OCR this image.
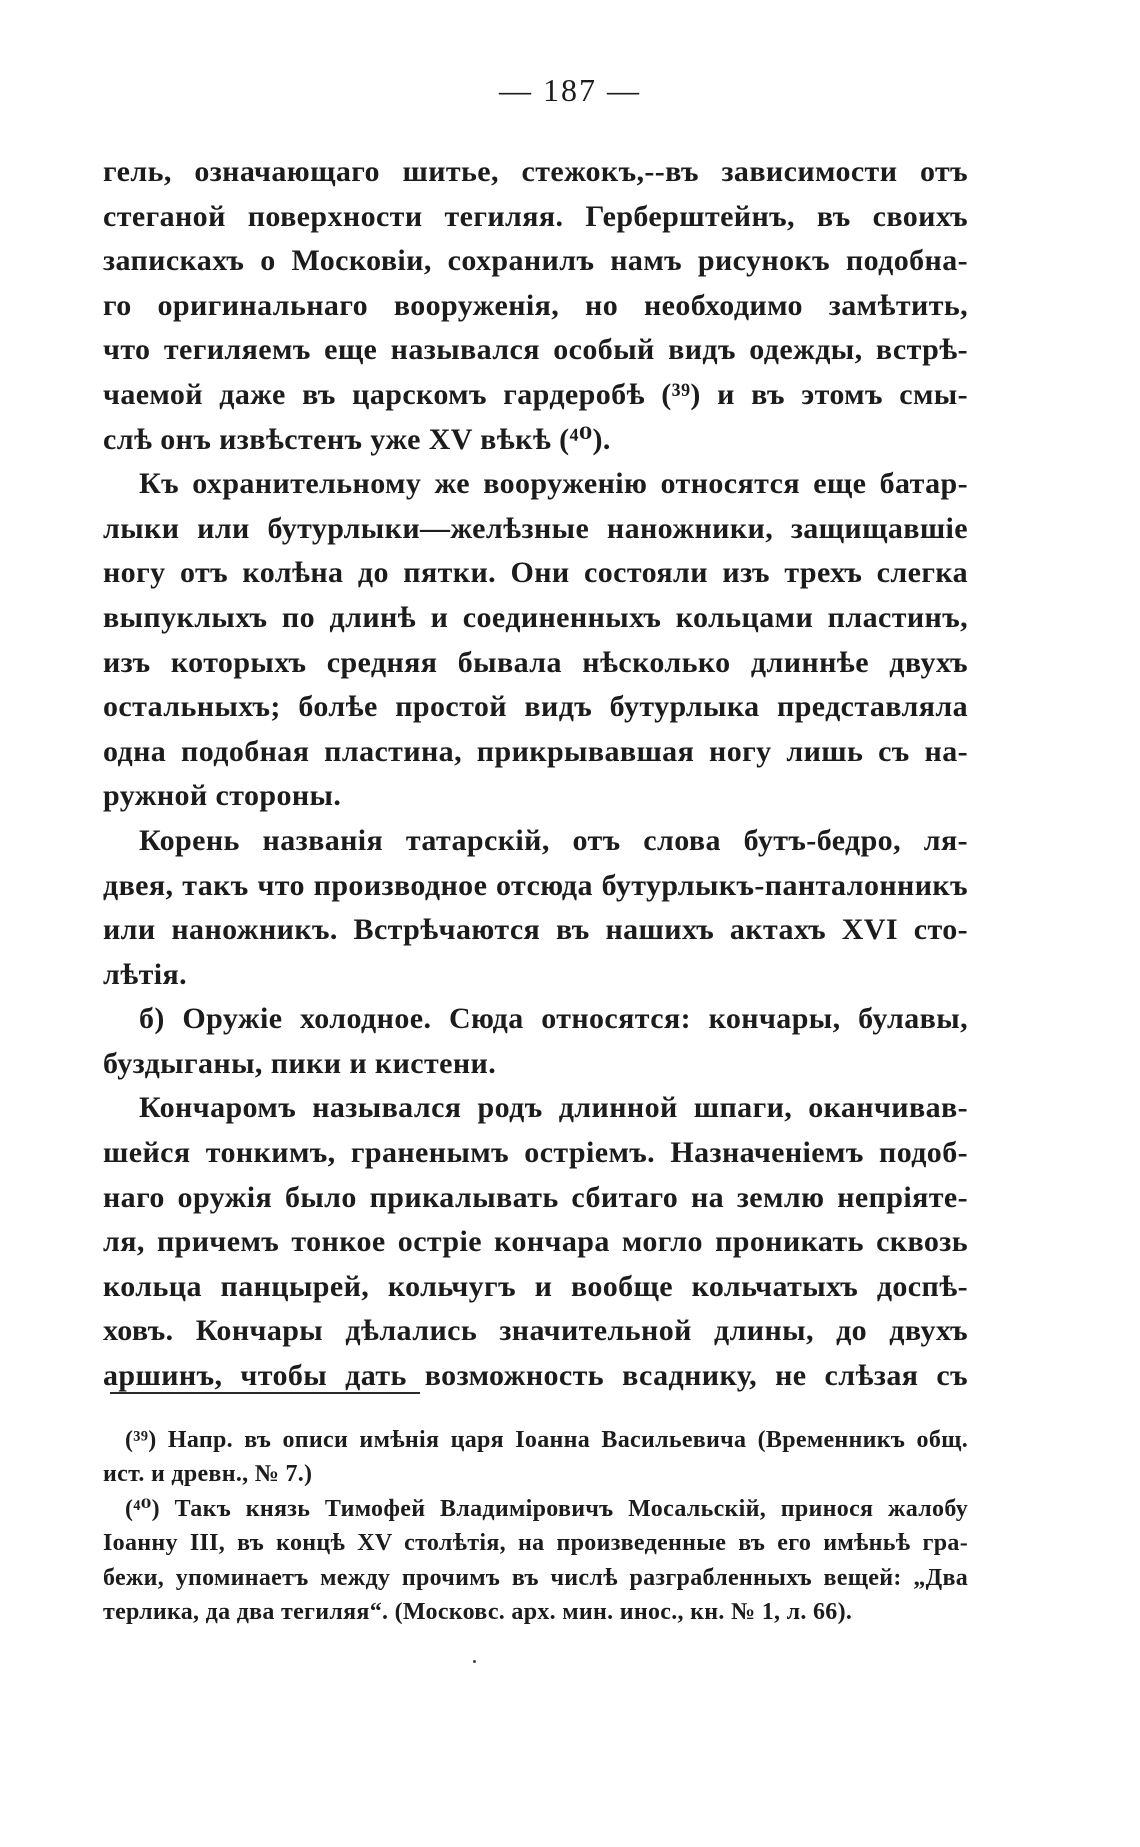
— 187 —
гель, означающаго шитье, стежокъ,--въ зависимости отъ
стеганой поверхности тегиляя. Герберштейнъ, въ своихъ
запискахъ о Московіи, сохранилъ намъ рисунокъ подобна-
го оригинальнаго вооруженія, но необходимо замѣтить,
что тегиляемъ еще назывался особый видъ одежды, встрѣ-
чаемой даже въ царскомъ гардеробѣ (³⁹) и въ этомъ смы-
слѣ онъ извѣстенъ уже XV вѣкѣ (⁴⁰).
Къ охранительному же вооруженію относятся еще батар-
лыки или бутурлыки—желѣзные наножники, защищавшіе
ногу отъ колѣна до пятки. Они состояли изъ трехъ слегка
выпуклыхъ по длинѣ и соединенныхъ кольцами пластинъ,
изъ которыхъ средняя бывала нѣсколько длиннѣе двухъ
остальныхъ; болѣе простой видъ бутурлыка представляла
одна подобная пластина, прикрывавшая ногу лишь съ на-
ружной стороны.
Корень названія татарскій, отъ слова бутъ-бедро, ля-
двея, такъ что производное отсюда бутурлыкъ-панталонникъ
или наножникъ. Встрѣчаются въ нашихъ актахъ XVI сто-
лѣтія.
б) Оружіе холодное. Сюда относятся: кончары, булавы,
буздыганы, пики и кистени.
Кончаромъ назывался родъ длинной шпаги, оканчивав-
шейся тонкимъ, граненымъ остріемъ. Назначеніемъ подоб-
наго оружія было прикалывать сбитаго на землю непріяте-
ля, причемъ тонкое остріе кончара могло проникать сквозь
кольца панцырей, кольчугъ и вообще кольчатыхъ доспѣ-
ховъ. Кончары дѣлались значительной длины, до двухъ
аршинъ, чтобы дать возможность всаднику, не слѣзая съ
(³⁹) Напр. въ описи имѣнія царя Іоанна Васильевича (Временникъ общ.
ист. и древн., № 7.)
(⁴⁰) Такъ князь Тимофей Владиміровичъ Мосальскій, принося жалобу
Іоанну III, въ концѣ XV столѣтія, на произведенные въ его имѣньѣ гра-
бежи, упоминаетъ между прочимъ въ числѣ разграбленныхъ вещей: „Два
терлика, да два тегиляя“. (Московс. арх. мин. инос., кн. № 1, л. 66).
